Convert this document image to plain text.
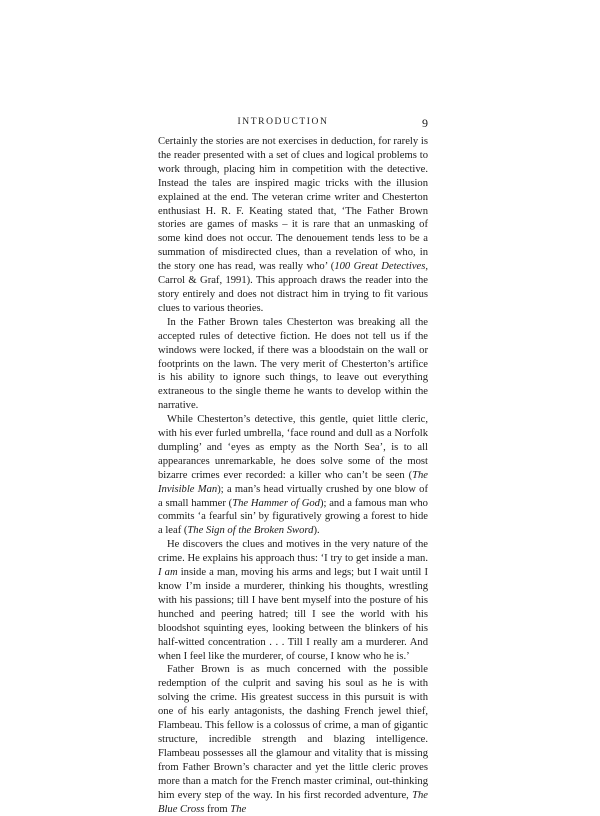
INTRODUCTION	9

Certainly the stories are not exercises in deduction, for rarely is the reader presented with a set of clues and logical problems to work through, placing him in competition with the detective. Instead the tales are inspired magic tricks with the illusion explained at the end. The veteran crime writer and Chesterton enthusiast H. R. F. Keating stated that, ‘The Father Brown stories are games of masks – it is rare that an unmasking of some kind does not occur. The denouement tends less to be a summation of misdirected clues, than a revelation of who, in the story one has read, was really who’ (100 Great Detectives, Carrol & Graf, 1991). This approach draws the reader into the story entirely and does not distract him in trying to fit various clues to various theories.

In the Father Brown tales Chesterton was breaking all the accepted rules of detective fiction. He does not tell us if the windows were locked, if there was a bloodstain on the wall or footprints on the lawn. The very merit of Chesterton’s artifice is his ability to ignore such things, to leave out everything extraneous to the single theme he wants to develop within the narrative.

While Chesterton’s detective, this gentle, quiet little cleric, with his ever furled umbrella, ‘face round and dull as a Norfolk dumpling’ and ‘eyes as empty as the North Sea’, is to all appearances unremarkable, he does solve some of the most bizarre crimes ever recorded: a killer who can’t be seen (The Invisible Man); a man’s head virtually crushed by one blow of a small hammer (The Hammer of God); and a famous man who commits ‘a fearful sin’ by figuratively growing a forest to hide a leaf (The Sign of the Broken Sword).

He discovers the clues and motives in the very nature of the crime. He explains his approach thus: ‘I try to get inside a man. I am inside a man, moving his arms and legs; but I wait until I know I’m inside a murderer, thinking his thoughts, wrestling with his passions; till I have bent myself into the posture of his hunched and peering hatred; till I see the world with his bloodshot squinting eyes, looking between the blinkers of his half-witted concentration . . . Till I really am a murderer. And when I feel like the murderer, of course, I know who he is.’

Father Brown is as much concerned with the possible redemption of the culprit and saving his soul as he is with solving the crime. His greatest success in this pursuit is with one of his early antagonists, the dashing French jewel thief, Flambeau. This fellow is a colossus of crime, a man of gigantic structure, incredible strength and blazing intelligence. Flambeau possesses all the glamour and vitality that is missing from Father Brown’s character and yet the little cleric proves more than a match for the French master criminal, out-thinking him every step of the way. In his first recorded adventure, The Blue Cross from The
